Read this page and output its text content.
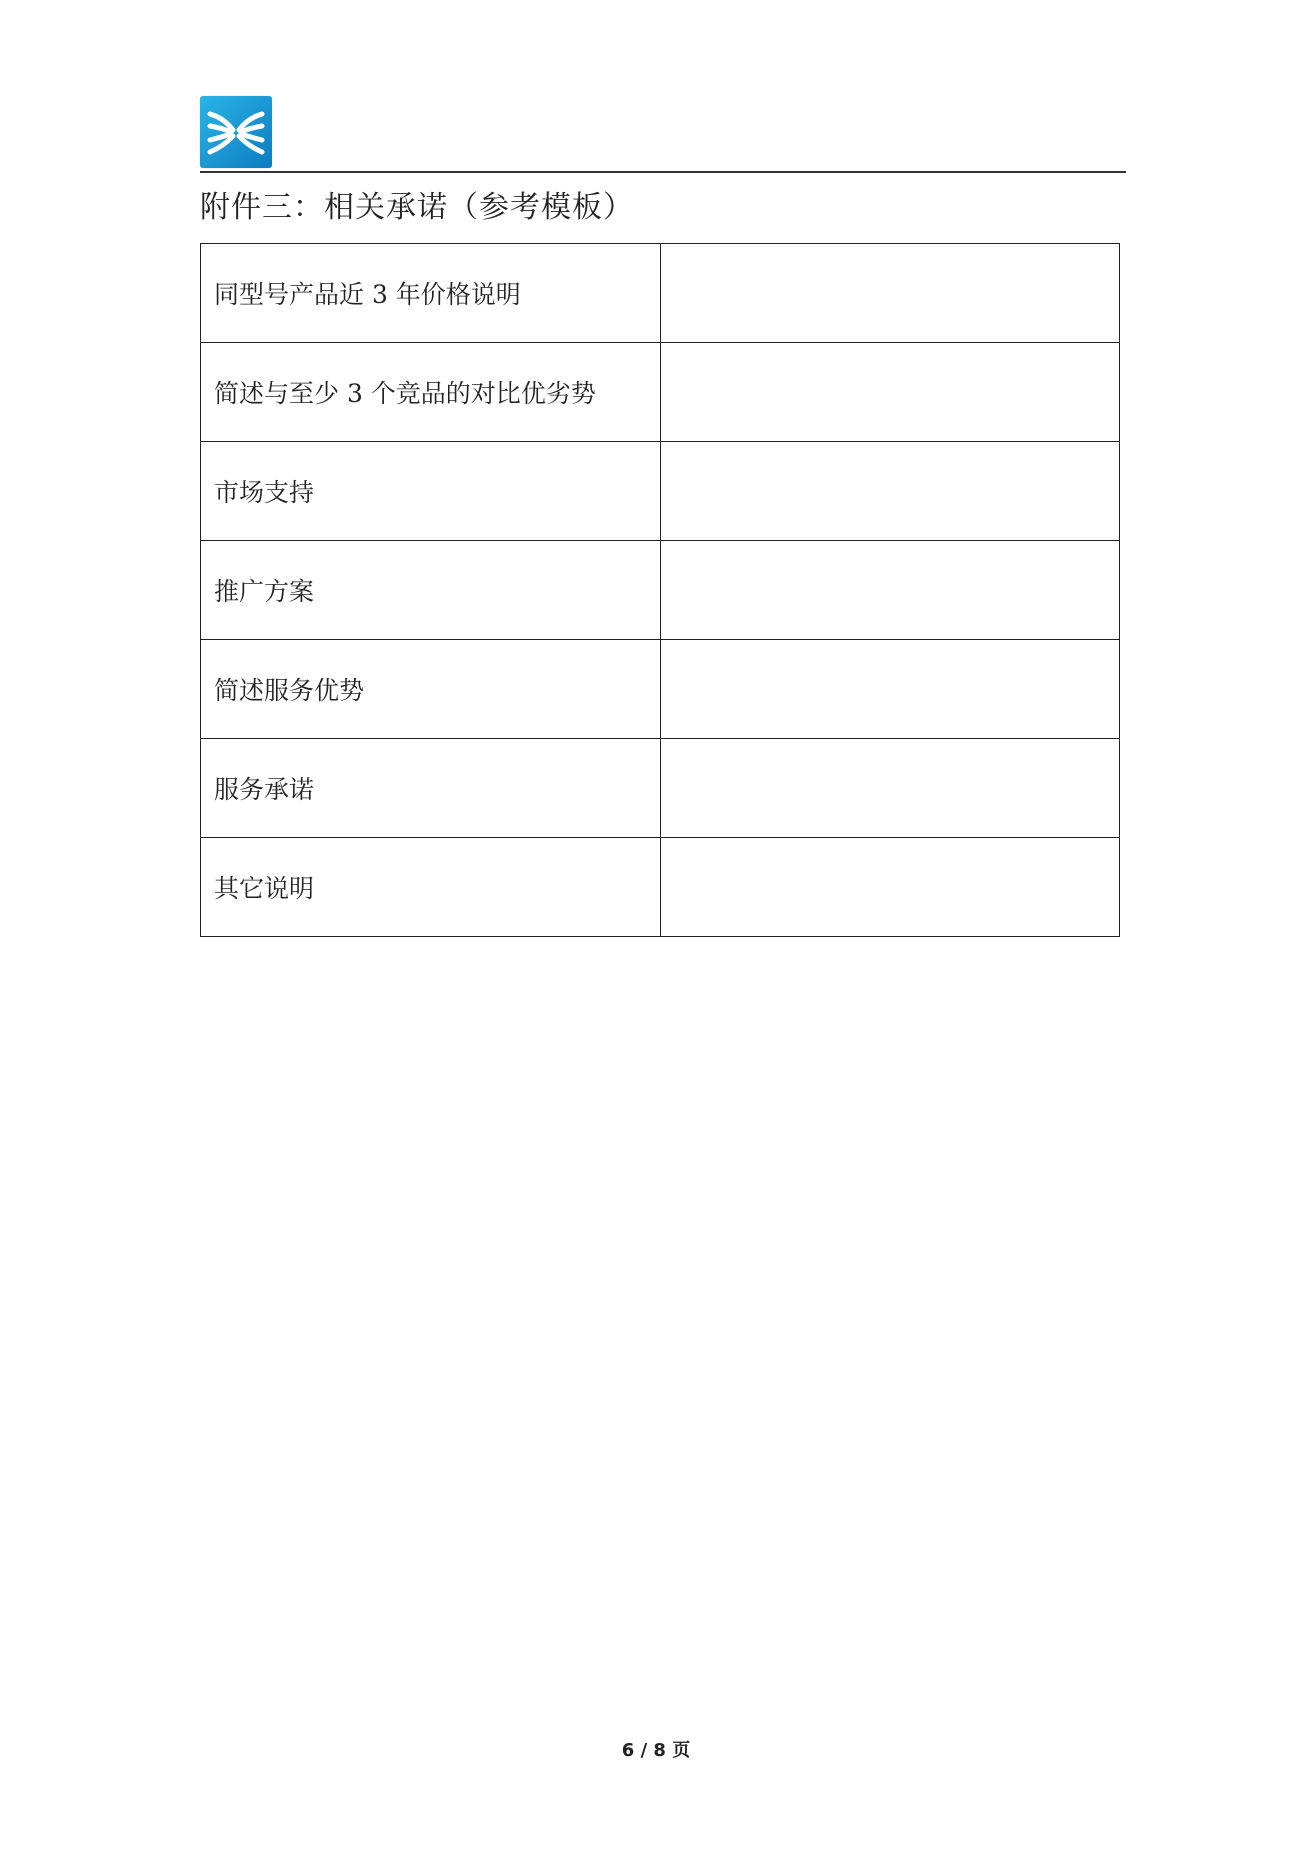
附件三：相关承诺（参考模板）
同型号产品近 3 年价格说明	
简述与至少 3 个竞品的对比优劣势	
市场支持	
推广方案	
简述服务优势	
服务承诺	
其它说明	
6 / 8 页
